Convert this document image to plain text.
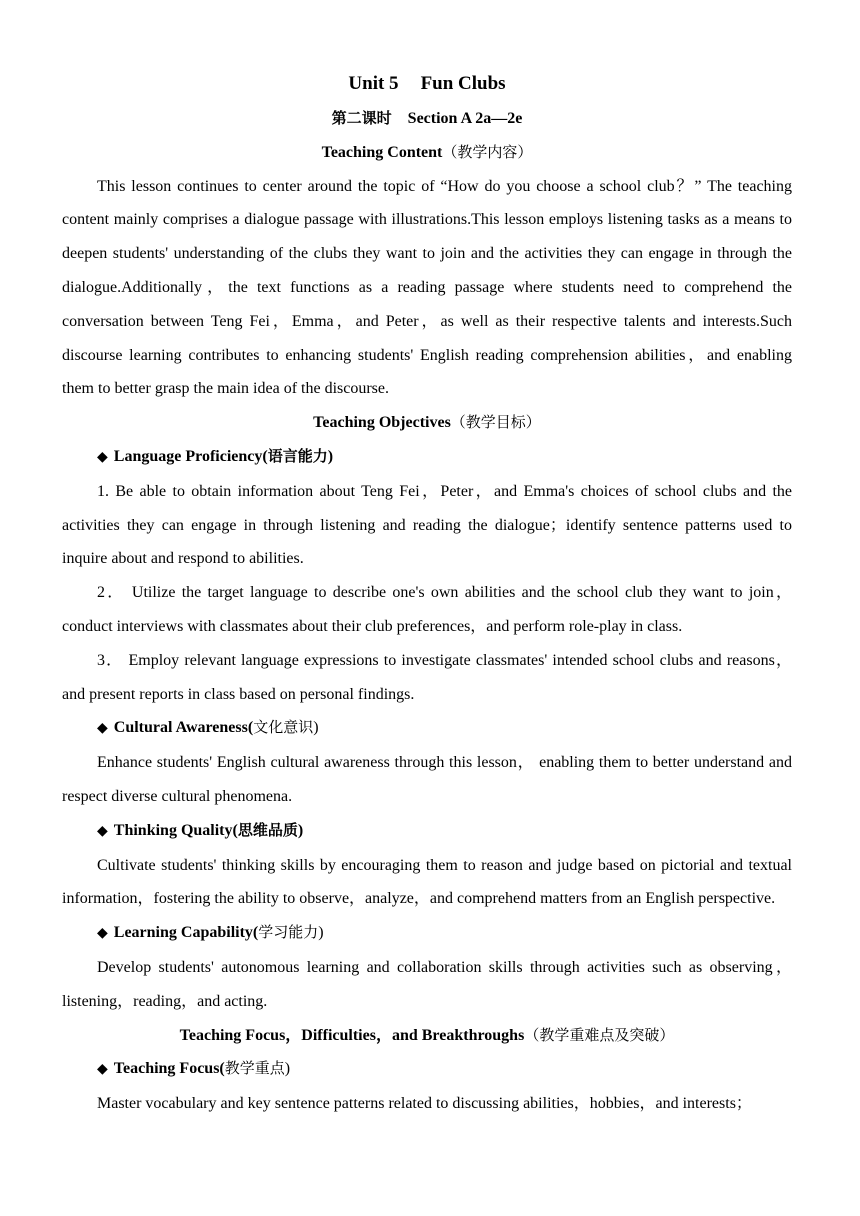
Unit 5 Fun Clubs
第二课时 Section A 2a—2e
Teaching Content（教学内容）

This lesson continues to center around the topic of “How do you choose a school club？” The teaching content mainly comprises a dialogue passage with illustrations.This lesson employs listening tasks as a means to deepen students' understanding of the clubs they want to join and the activities they can engage in through the dialogue.Additionally，the text functions as a reading passage where students need to comprehend the conversation between Teng Fei，Emma，and Peter，as well as their respective talents and interests.Such discourse learning contributes to enhancing students' English reading comprehension abilities，and enabling them to better grasp the main idea of the discourse.

Teaching Objectives（教学目标）

◆ Language Proficiency(语言能力)

1. Be able to obtain information about Teng Fei，Peter，and Emma's choices of school clubs and the activities they can engage in through listening and reading the dialogue；identify sentence patterns used to inquire about and respond to abilities.

2． Utilize the target language to describe one's own abilities and the school club they want to join，conduct interviews with classmates about their club preferences，and perform role‑play in class.

3． Employ relevant language expressions to investigate classmates' intended school clubs and reasons，and present reports in class based on personal findings.

◆ Cultural Awareness(文化意识)

Enhance students' English cultural awareness through this lesson， enabling them to better understand and respect diverse cultural phenomena.

◆ Thinking Quality(思维品质)

Cultivate students' thinking skills by encouraging them to reason and judge based on pictorial and textual information，fostering the ability to observe，analyze，and comprehend matters from an English perspective.

◆ Learning Capability(学习能力)

Develop students' autonomous learning and collaboration skills through activities such as observing，listening，reading，and acting.

Teaching Focus，Difficulties，and Breakthroughs（教学重难点及突破）

◆ Teaching Focus(教学重点)

Master vocabulary and key sentence patterns related to discussing abilities，hobbies，and interests；
